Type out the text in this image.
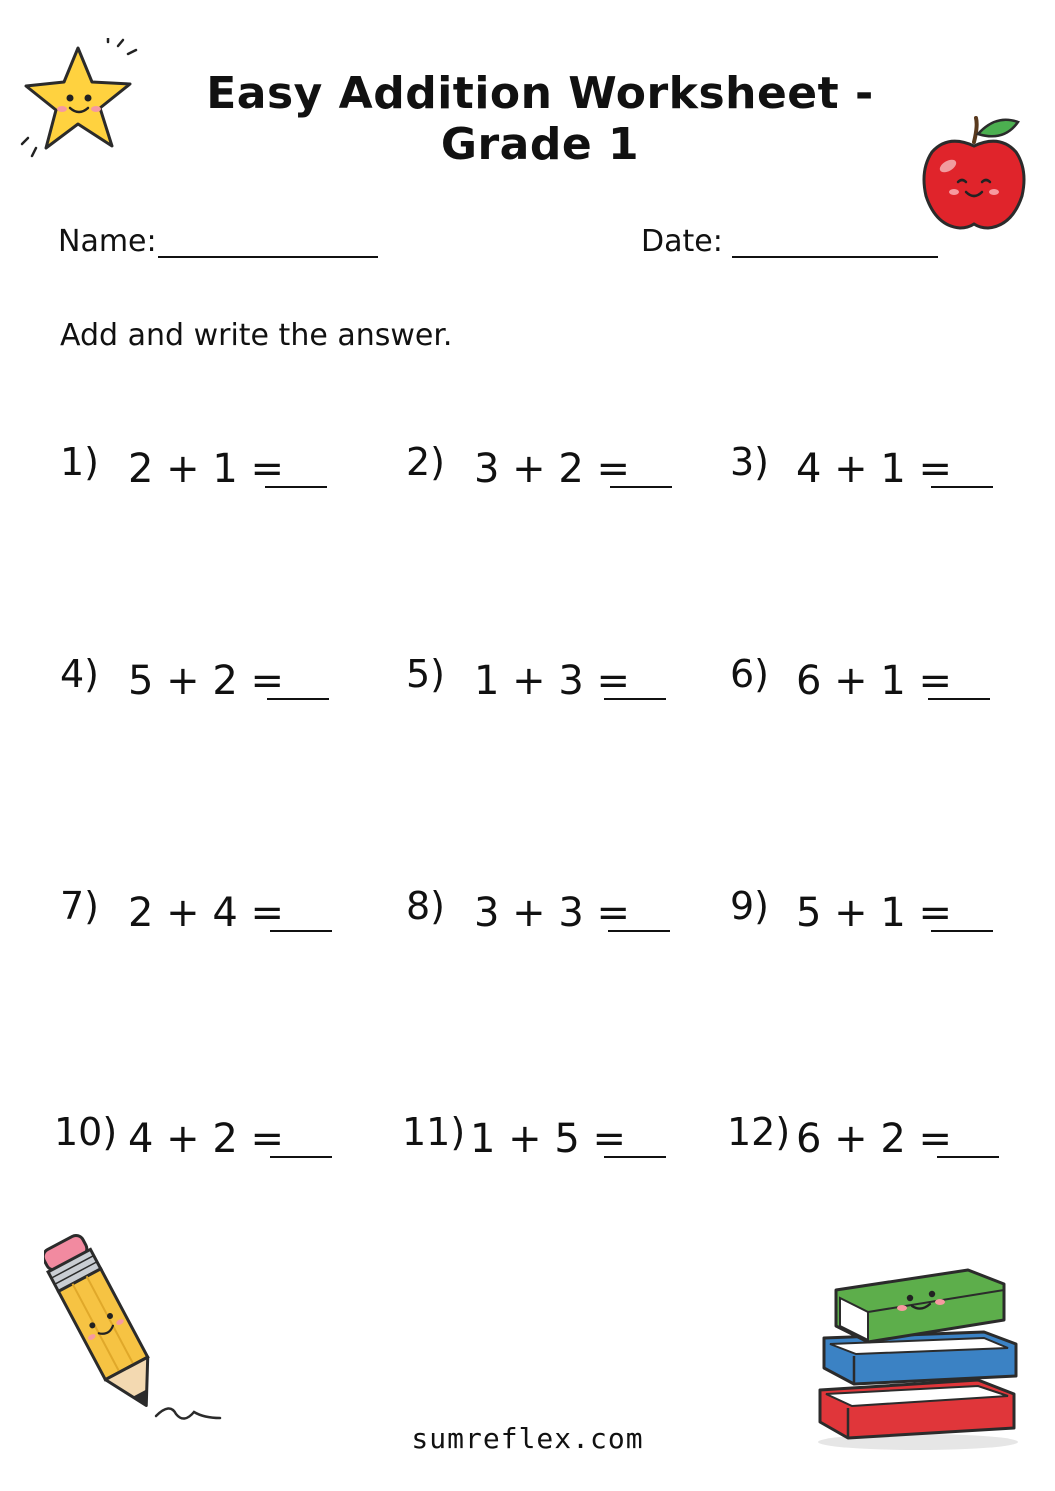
Easy Addition Worksheet - Grade 1
Name:	Date:
Add and write the answer.
1) 2 + 1 =	2) 3 + 2 =	3) 4 + 1 =
4) 5 + 2 =	5) 1 + 3 =	6) 6 + 1 =
7) 2 + 4 =	8) 3 + 3 =	9) 5 + 1 =
10) 4 + 2 =	11) 1 + 5 =	12) 6 + 2 =
sumreflex.com
